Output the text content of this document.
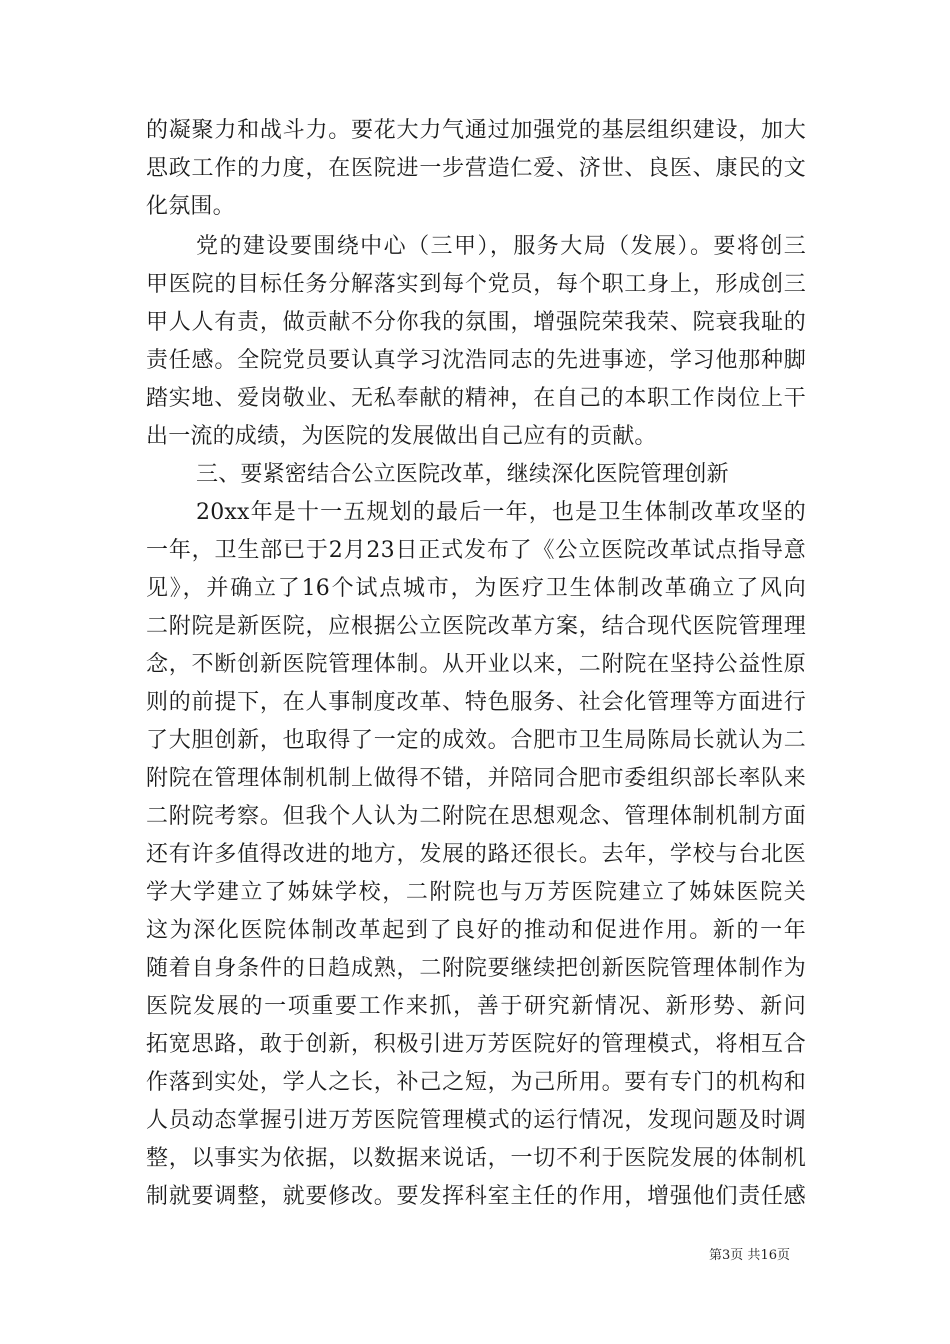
的凝聚力和战斗力。要花大力气通过加强党的基层组织建设，加大
思政工作的力度，在医院进一步营造仁爱、济世、良医、康民的文
化氛围。
党的建设要围绕中心（三甲），服务大局（发展）。要将创三
甲医院的目标任务分解落实到每个党员，每个职工身上，形成创三
甲人人有责，做贡献不分你我的氛围，增强院荣我荣、院衰我耻的
责任感。全院党员要认真学习沈浩同志的先进事迹，学习他那种脚
踏实地、爱岗敬业、无私奉献的精神，在自己的本职工作岗位上干
出一流的成绩，为医院的发展做出自己应有的贡献。
三、要紧密结合公立医院改革，继续深化医院管理创新
20xx年是十一五规划的最后一年，也是卫生体制改革攻坚的
一年，卫生部已于2月23日正式发布了《公立医院改革试点指导意
见》，并确立了16个试点城市，为医疗卫生体制改革确立了风向
二附院是新医院，应根据公立医院改革方案，结合现代医院管理理
念，不断创新医院管理体制。从开业以来，二附院在坚持公益性原
则的前提下，在人事制度改革、特色服务、社会化管理等方面进行
了大胆创新，也取得了一定的成效。合肥市卫生局陈局长就认为二
附院在管理体制机制上做得不错，并陪同合肥市委组织部长率队来
二附院考察。但我个人认为二附院在思想观念、管理体制机制方面
还有许多值得改进的地方，发展的路还很长。去年，学校与台北医
学大学建立了姊妹学校，二附院也与万芳医院建立了姊妹医院关
这为深化医院体制改革起到了良好的推动和促进作用。新的一年
随着自身条件的日趋成熟，二附院要继续把创新医院管理体制作为
医院发展的一项重要工作来抓，善于研究新情况、新形势、新问
拓宽思路，敢于创新，积极引进万芳医院好的管理模式，将相互合
作落到实处，学人之长，补己之短，为己所用。要有专门的机构和
人员动态掌握引进万芳医院管理模式的运行情况，发现问题及时调
整，以事实为依据，以数据来说话，一切不利于医院发展的体制机
制就要调整，就要修改。要发挥科室主任的作用，增强他们责任感
第3页 共16页
